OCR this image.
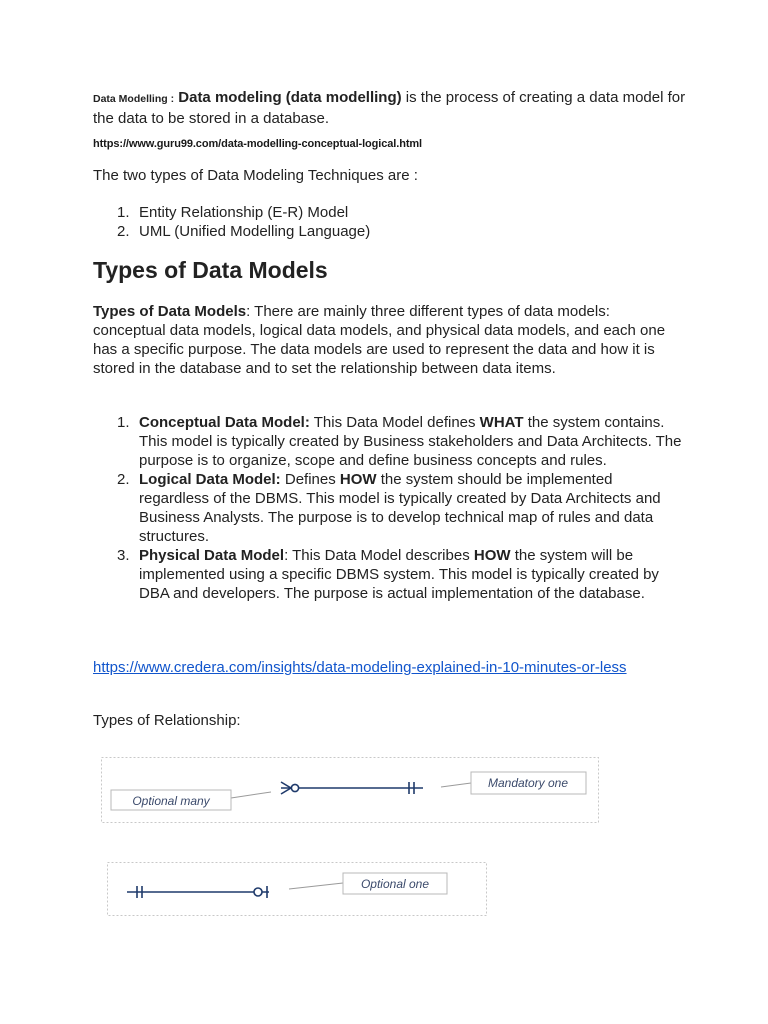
Data Modelling : Data modeling (data modelling) is the process of creating a data model for the data to be stored in a database.
https://www.guru99.com/data-modelling-conceptual-logical.html
The two types of Data Modeling Techniques are :
1. Entity Relationship (E-R) Model
2. UML (Unified Modelling Language)
Types of Data Models
Types of Data Models: There are mainly three different types of data models: conceptual data models, logical data models, and physical data models, and each one has a specific purpose. The data models are used to represent the data and how it is stored in the database and to set the relationship between data items.
1. Conceptual Data Model: This Data Model defines WHAT the system contains. This model is typically created by Business stakeholders and Data Architects. The purpose is to organize, scope and define business concepts and rules.
2. Logical Data Model: Defines HOW the system should be implemented regardless of the DBMS. This model is typically created by Data Architects and Business Analysts. The purpose is to develop technical map of rules and data structures.
3. Physical Data Model: This Data Model describes HOW the system will be implemented using a specific DBMS system. This model is typically created by DBA and developers. The purpose is actual implementation of the database.
https://www.credera.com/insights/data-modeling-explained-in-10-minutes-or-less
Types of Relationship:
Optional many
Mandatory one
Optional one
